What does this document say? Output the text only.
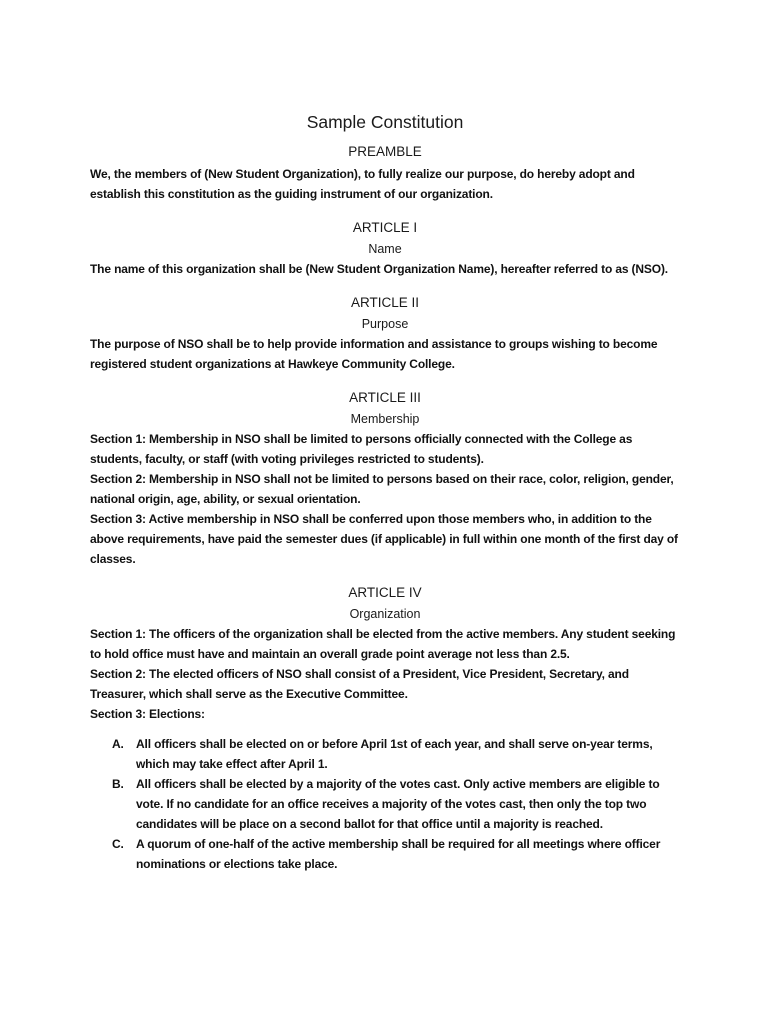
Sample Constitution
PREAMBLE

We, the members of (New Student Organization), to fully realize our purpose, do hereby adopt and establish this constitution as the guiding instrument of our organization.

ARTICLE I
Name

The name of this organization shall be (New Student Organization Name), hereafter referred to as (NSO).

ARTICLE II
Purpose

The purpose of NSO shall be to help provide information and assistance to groups wishing to become registered student organizations at Hawkeye Community College.

ARTICLE III
Membership

Section 1: Membership in NSO shall be limited to persons officially connected with the College as students, faculty, or staff (with voting privileges restricted to students).

Section 2: Membership in NSO shall not be limited to persons based on their race, color, religion, gender, national origin, age, ability, or sexual orientation.

Section 3: Active membership in NSO shall be conferred upon those members who, in addition to the above requirements, have paid the semester dues (if applicable) in full within one month of the first day of classes.

ARTICLE IV
Organization

Section 1: The officers of the organization shall be elected from the active members. Any student seeking to hold office must have and maintain an overall grade point average not less than 2.5.

Section 2: The elected officers of NSO shall consist of a President, Vice President, Secretary, and Treasurer, which shall serve as the Executive Committee.

Section 3: Elections:

A. All officers shall be elected on or before April 1st of each year, and shall serve on-year terms, which may take effect after April 1.
B. All officers shall be elected by a majority of the votes cast. Only active members are eligible to vote. If no candidate for an office receives a majority of the votes cast, then only the top two candidates will be place on a second ballot for that office until a majority is reached.
C. A quorum of one-half of the active membership shall be required for all meetings where officer nominations or elections take place.
